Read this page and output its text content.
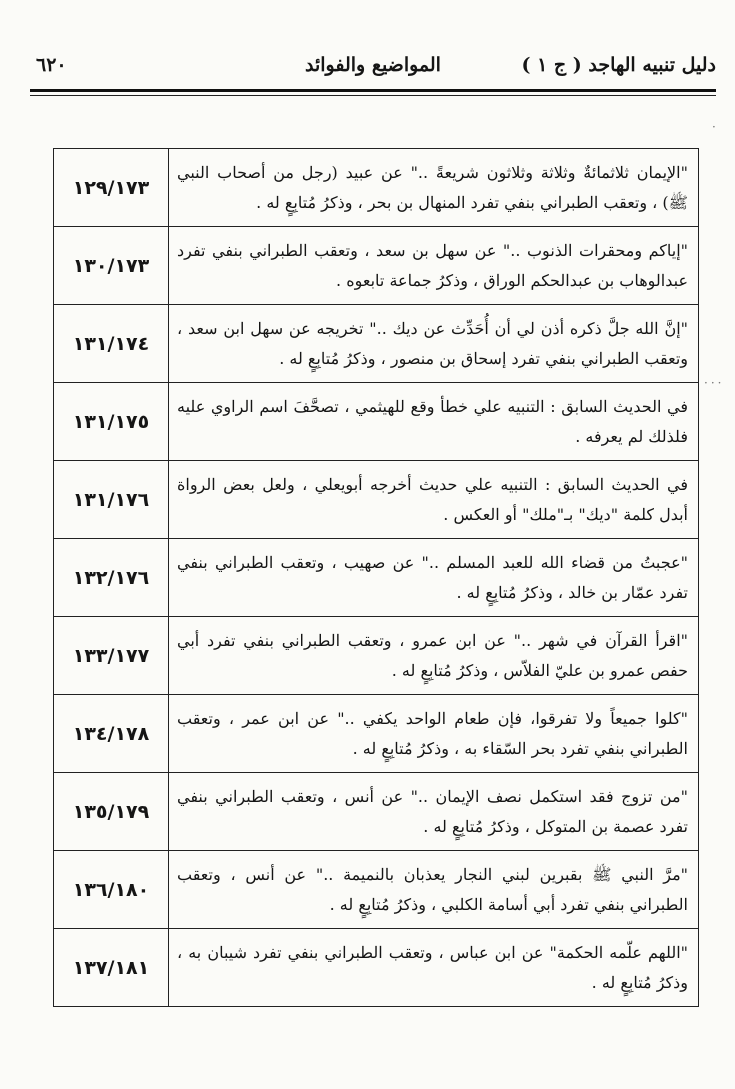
دليل تنبيه الهاجد ( ج ١ )
المواضيع والفوائد
٦٢٠
·
···
"الإيمان ثلاثمائةٌ وثلاثة وثلاثون شريعةً .." عن عبيد (رجل من أصحاب النبي ﷺ) ، وتعقب الطبراني بنفي تفرد المنهال بن بحر ، وذكرُ مُتابِعٍ له .	١٢٩/١٧٣
"إياكم ومحقرات الذنوب .." عن سهل بن سعد ، وتعقب الطبراني بنفي تفرد عبدالوهاب بن عبدالحكم الوراق ، وذكرُ جماعة تابعوه .	١٣٠/١٧٣
"إنَّ الله جلَّ ذكره أذن لي أن أُحَدِّث عن ديك .." تخريجه عن سهل ابن سعد ، وتعقب الطبراني بنفي تفرد إسحاق بن منصور ، وذكرُ مُتابِعٍ له .	١٣١/١٧٤
في الحديث السابق : التنبيه علي خطأ وقع للهيثمي ، تصحَّفَ اسم الراوي عليه فلذلك لم يعرفه .	١٣١/١٧٥
في الحديث السابق : التنبيه علي حديث أخرجه أبويعلي ، ولعل بعض الرواة أبدل كلمة "ديك" بـ"ملك" أو العكس .	١٣١/١٧٦
"عجبتُ من قضاء الله للعبد المسلم .." عن صهيب ، وتعقب الطبراني بنفي تفرد عمّار بن خالد ، وذكرُ مُتابِعٍ له .	١٣٢/١٧٦
"اقرأ القرآن في شهر .." عن ابن عمرو ، وتعقب الطبراني بنفي تفرد أبي حفص عمرو بن عليّ الفلاّس ، وذكرُ مُتابِعٍ له .	١٣٣/١٧٧
"كلوا جميعاً ولا تفرقوا، فإن طعام الواحد يكفي .." عن ابن عمر ، وتعقب الطبراني بنفي تفرد بحر السّقاء به ، وذكرُ مُتابِعٍ له .	١٣٤/١٧٨
"من تزوج فقد استكمل نصف الإيمان .." عن أنس ، وتعقب الطبراني بنفي تفرد عصمة بن المتوكل ، وذكرُ مُتابِعٍ له .	١٣٥/١٧٩
"مرَّ النبي ﷺ بقبرين لبني النجار يعذبان بالنميمة .." عن أنس ، وتعقب الطبراني بنفي تفرد أبي أسامة الكلبي ، وذكرُ مُتابِعٍ له .	١٣٦/١٨٠
"اللهم علّمه الحكمة" عن ابن عباس ، وتعقب الطبراني بنفي تفرد شيبان به ، وذكرُ مُتابِعٍ له .	١٣٧/١٨١
